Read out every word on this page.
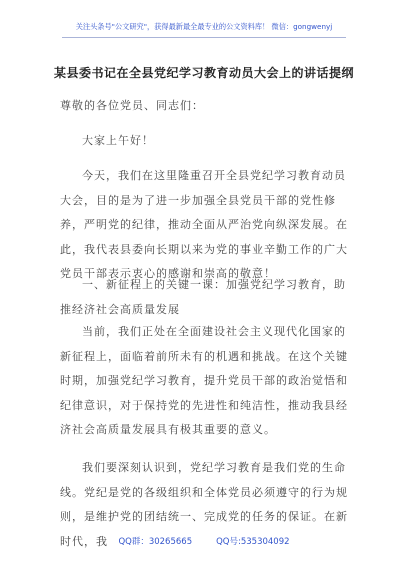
关注头条号"公文研究"，获得最新最全最专业的公文资料库！ 微信：gongwenyj
某县委书记在全县党纪学习教育动员大会上的讲话提纲

尊敬的各位党员、同志们：

大家上午好！

今天，我们在这里隆重召开全县党纪学习教育动员大会，目的是为了进一步加强全县党员干部的党性修养，严明党的纪律，推动全面从严治党向纵深发展。在此，我代表县委向长期以来为党的事业辛勤工作的广大党员干部表示衷心的感谢和崇高的敬意！

一、新征程上的关键一课：加强党纪学习教育，助推经济社会高质量发展

当前，我们正处在全面建设社会主义现代化国家的新征程上，面临着前所未有的机遇和挑战。在这个关键时期，加强党纪学习教育，提升党员干部的政治觉悟和纪律意识，对于保持党的先进性和纯洁性，推动我县经济社会高质量发展具有极其重要的意义。

我们要深刻认识到，党纪学习教育是我们党的生命线。党纪是党的各级组织和全体党员必须遵守的行为规则，是维护党的团结统一、完成党的任务的保证。在新时代，我	QQ群：30265665	QQ号:535304092
